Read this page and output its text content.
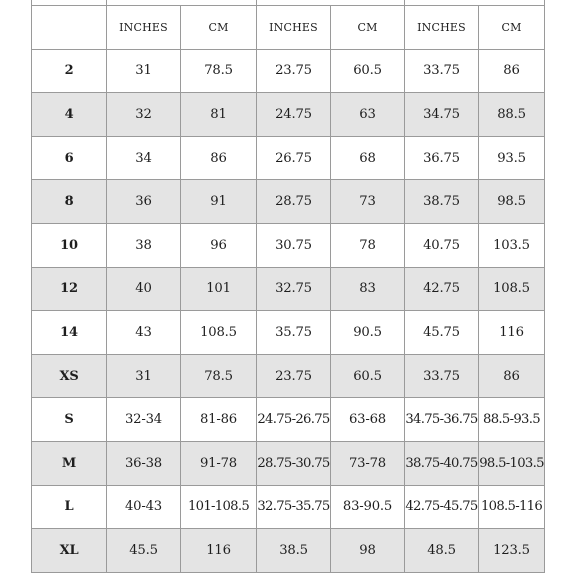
	INCHES	CM	INCHES	CM	INCHES	CM
2	31	78.5	23.75	60.5	33.75	86
4	32	81	24.75	63	34.75	88.5
6	34	86	26.75	68	36.75	93.5
8	36	91	28.75	73	38.75	98.5
10	38	96	30.75	78	40.75	103.5
12	40	101	32.75	83	42.75	108.5
14	43	108.5	35.75	90.5	45.75	116
XS	31	78.5	23.75	60.5	33.75	86
S	32-34	81-86	24.75-26.75	63-68	34.75-36.75	88.5-93.5
M	36-38	91-78	28.75-30.75	73-78	38.75-40.75	98.5-103.5
L	40-43	101-108.5	32.75-35.75	83-90.5	42.75-45.75	108.5-116
XL	45.5	116	38.5	98	48.5	123.5
